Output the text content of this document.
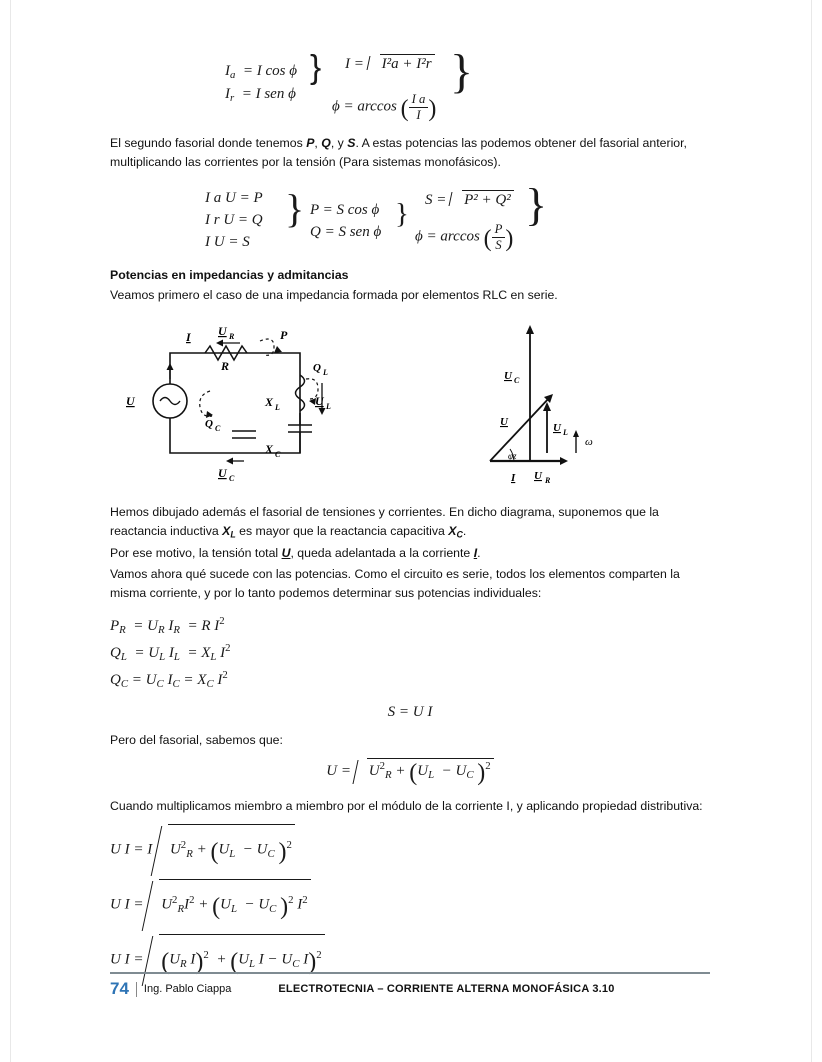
$I_a = I$ cos ϕ
$I_r = I$ sen ϕ
} I = I²a + I²r
ϕ = arccos ( $\frac{\text{I a}}{I}$ )
}

El segundo fasorial donde tenemos P, Q, y S. A estas potencias las podemos obtener del fasorial anterior, multiplicando las corrientes por la tensión (Para sistemas monofásicos).

I a U = P
I r U = Q
I U = S
} P = S cos ϕ
Q = S sen ϕ
} S = P² + Q²
ϕ = arccos ( $\frac{P}{S}$ )
}
Potencias en impedancias y admitancias

Veamos primero el caso de una impedancia formada por elementos RLC en serie.

I U R	P
R	Q L
U
Q C
X L	U L
X C
U C
U C
U	U L
φz
I U R
ω

Hemos dibujado además el fasorial de tensiones y corrientes. En dicho diagrama, suponemos que la reactancia inductiva $X_L$ es mayor que la reactancia capacitiva $X_C$.

Por ese motivo, la tensión total U, queda adelantada a la corriente I.

Vamos ahora qué sucede con las potencias. Como el circuito es serie, todos los elementos comparten la misma corriente, y por lo tanto podemos determinar sus potencias individuales:

$P_R = U_R$ $I_R = R$ $I^2$
$Q_L = U_L$ $I_L = X_L$ $I^2$
$Q_C = U_C$ $I_C = X_C$ $I^2$
S = U I

Pero del fasorial, sabemos que:

$U = U^2_R + (U_L - U_C$ )$^2$

Cuando multiplicamos miembro a miembro por el módulo de la corriente I, y aplicando propiedad distributiva:

U I = I $U^2_R + (U_L - U_C$ )$^2$
U $I = U^2_RI^2 + (U_L - U_C$ )$^2$ $I^2$
U $I = (U_R$ $I)^2 + (U_L$ $I - U_C$ I)$^2$
74	Ing. Pablo Ciappa	ELECTROTECNIA – CORRIENTE ALTERNA MONOFÁSICA 3.10
